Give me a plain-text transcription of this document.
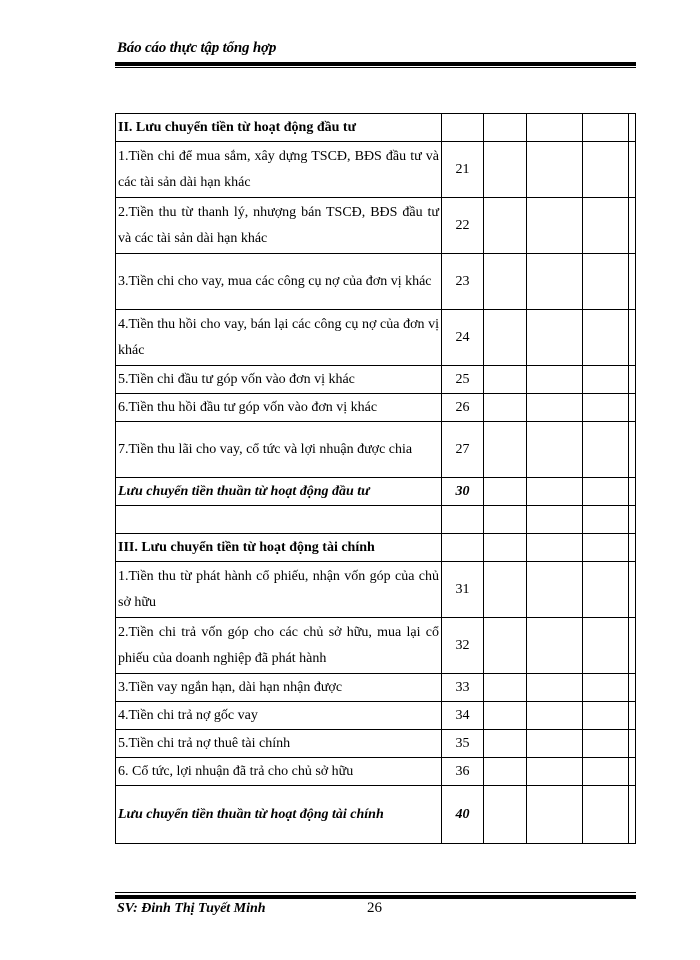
Báo cáo thực tập tổng hợp
II. Lưu chuyển tiền từ hoạt động đầu tư					
1.Tiền chi để mua sắm, xây dựng TSCĐ, BĐS đầu tư và các tài sản dài hạn khác	21				
2.Tiền thu từ thanh lý, nhượng bán TSCĐ, BĐS đầu tư và các tài sản dài hạn khác	22				
3.Tiền chi cho vay, mua các công cụ nợ của đơn vị khác	23				
4.Tiền thu hồi cho vay, bán lại các công cụ nợ của đơn vị khác	24				
5.Tiền chi đầu tư góp vốn vào đơn vị khác	25				
6.Tiền thu hồi đầu tư góp vốn vào đơn vị khác	26				
7.Tiền thu lãi cho vay, cổ tức và lợi nhuận được chia	27				
Lưu chuyển tiền thuần từ hoạt động đầu tư	30				

III. Lưu chuyển tiền từ hoạt động tài chính					
1.Tiền thu từ phát hành cổ phiếu, nhận vốn góp của chủ sở hữu	31				
2.Tiền chi trả vốn góp cho các chủ sở hữu, mua lại cổ phiếu của doanh nghiệp đã phát hành	32				
3.Tiền vay ngắn hạn, dài hạn nhận được	33				
4.Tiền chi trả nợ gốc vay	34				
5.Tiền chi trả nợ thuê tài chính	35				
6. Cổ tức, lợi nhuận đã trả cho chủ sở hữu	36				
Lưu chuyển tiền thuần từ hoạt động tài chính	40				
SV: Đinh Thị Tuyết Minh	26
